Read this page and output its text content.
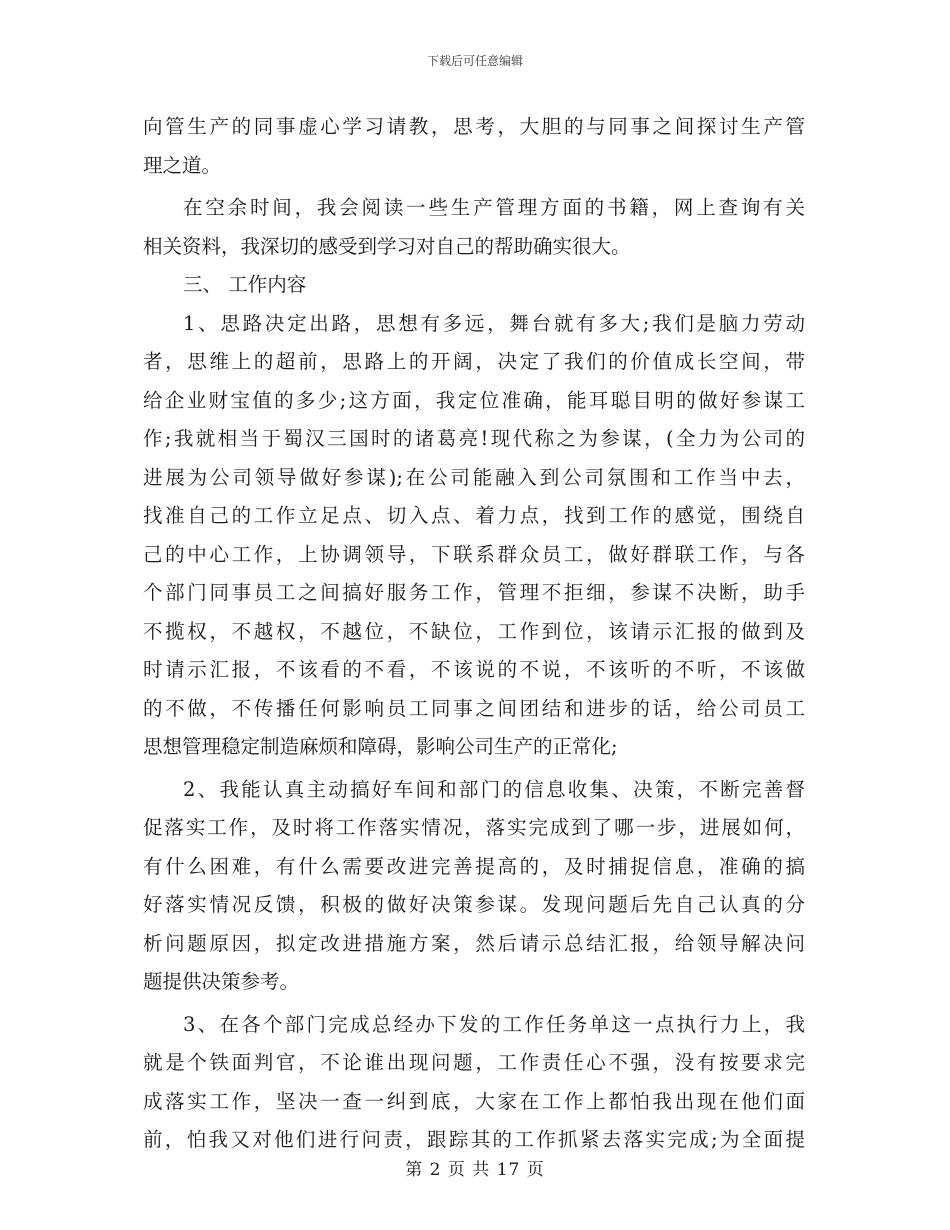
下载后可任意编辑
向管生产的同事虚心学习请教，思考，大胆的与同事之间探讨生产管
理之道。
在空余时间，我会阅读一些生产管理方面的书籍，网上查询有关
相关资料，我深切的感受到学习对自己的帮助确实很大。
三、 工作内容
1、思路决定出路，思想有多远，舞台就有多大;我们是脑力劳动
者，思维上的超前，思路上的开阔，决定了我们的价值成长空间，带
给企业财宝值的多少;这方面，我定位准确，能耳聪目明的做好参谋工
作;我就相当于蜀汉三国时的诸葛亮!现代称之为参谋，(全力为公司的
进展为公司领导做好参谋);在公司能融入到公司氛围和工作当中去，
找准自己的工作立足点、切入点、着力点，找到工作的感觉，围绕自
己的中心工作，上协调领导，下联系群众员工，做好群联工作，与各
个部门同事员工之间搞好服务工作，管理不拒细，参谋不决断，助手
不揽权，不越权，不越位，不缺位，工作到位，该请示汇报的做到及
时请示汇报，不该看的不看，不该说的不说，不该听的不听，不该做
的不做，不传播任何影响员工同事之间团结和进步的话，给公司员工
思想管理稳定制造麻烦和障碍，影响公司生产的正常化;
2、我能认真主动搞好车间和部门的信息收集、决策，不断完善督
促落实工作，及时将工作落实情况，落实完成到了哪一步，进展如何，
有什么困难，有什么需要改进完善提高的，及时捕捉信息，准确的搞
好落实情况反馈，积极的做好决策参谋。发现问题后先自己认真的分
析问题原因，拟定改进措施方案，然后请示总结汇报，给领导解决问
题提供决策参考。
3、在各个部门完成总经办下发的工作任务单这一点执行力上，我
就是个铁面判官，不论谁出现问题，工作责任心不强，没有按要求完
成落实工作，坚决一查一纠到底，大家在工作上都怕我出现在他们面
前，怕我又对他们进行问责，跟踪其的工作抓紧去落实完成;为全面提
第 2 页 共 17 页
